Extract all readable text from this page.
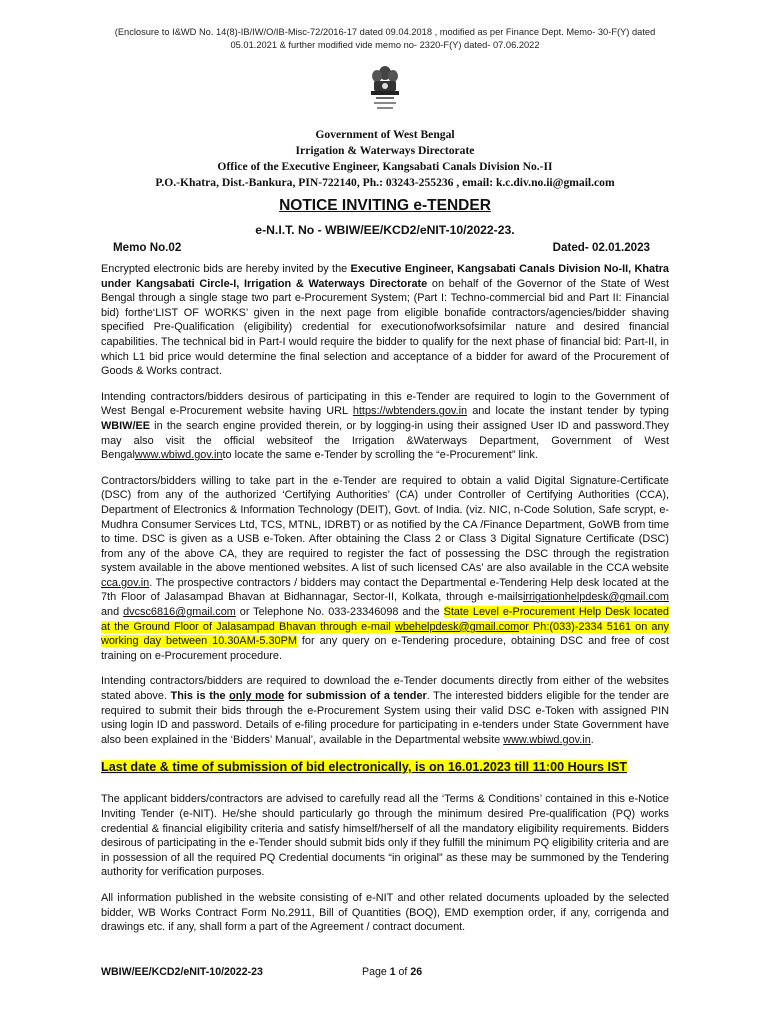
(Enclosure to I&WD No. 14(8)-IB/IW/O/IB-Misc-72/2016-17 dated 09.04.2018 , modified as per Finance Dept. Memo- 30-F(Y) dated 05.01.2021 & further modified vide memo no- 2320-F(Y) dated- 07.06.2022
Government of West Bengal
Irrigation & Waterways Directorate
Office of the Executive Engineer, Kangsabati Canals Division No.-II
P.O.-Khatra, Dist.-Bankura, PIN-722140, Ph.: 03243-255236 , email: k.c.div.no.ii@gmail.com
NOTICE INVITING e-TENDER
e-N.I.T. No - WBIW/EE/KCD2/eNIT-10/2022-23.
Memo No.02	Dated- 02.01.2023

Encrypted electronic bids are hereby invited by the Executive Engineer, Kangsabati Canals Division No-II, Khatra under Kangsabati Circle-I, Irrigation & Waterways Directorate on behalf of the Governor of the State of West Bengal through a single stage two part e-Procurement System; (Part I: Techno-commercial bid and Part II: Financial bid) forthe‘LIST OF WORKS’ given in the next page from eligible bonafide contractors/agencies/bidder shaving specified Pre-Qualification (eligibility) credential for executionofworksofsimilar nature and desired financial capabilities. The technical bid in Part-I would require the bidder to qualify for the next phase of financial bid: Part-II, in which L1 bid price would determine the final selection and acceptance of a bidder for award of the Procurement of Goods & Works contract.

Intending contractors/bidders desirous of participating in this e-Tender are required to login to the Government of West Bengal e-Procurement website having URL https://wbtenders.gov.in and locate the instant tender by typing WBIW/EE in the search engine provided therein, or by logging-in using their assigned User ID and password.They may also visit the official websiteof the Irrigation &Waterways Department, Government of West Bengalwww.wbiwd.gov.into locate the same e-Tender by scrolling the “e-Procurement” link.

Contractors/bidders willing to take part in the e-Tender are required to obtain a valid Digital Signature-Certificate (DSC) from any of the authorized ‘Certifying Authorities’ (CA) under Controller of Certifying Authorities (CCA), Department of Electronics & Information Technology (DEIT), Govt. of India. (viz. NIC, n-Code Solution, Safe scrypt, e-Mudhra Consumer Services Ltd, TCS, MTNL, IDRBT) or as notified by the CA /Finance Department, GoWB from time to time. DSC is given as a USB e-Token. After obtaining the Class 2 or Class 3 Digital Signature Certificate (DSC) from any of the above CA, they are required to register the fact of possessing the DSC through the registration system available in the above mentioned websites. A list of such licensed CAs’ are also available in the CCA website cca.gov.in. The prospective contractors / bidders may contact the Departmental e-Tendering Help desk located at the 7th Floor of Jalasampad Bhavan at Bidhannagar, Sector-II, Kolkata, through e-mailsirrigationhelpdesk@gmail.com and dvcsc6816@gmail.com or Telephone No. 033-23346098 and the State Level e-Procurement Help Desk located at the Ground Floor of Jalasampad Bhavan through e-mail wbehelpdesk@gmail.comor Ph:(033)-2334 5161 on any working day between 10.30AM-5.30PM for any query on e-Tendering procedure, obtaining DSC and free of cost training on e-Procurement procedure.

Intending contractors/bidders are required to download the e-Tender documents directly from either of the websites stated above. This is the only mode for submission of a tender. The interested bidders eligible for the tender are required to submit their bids through the e-Procurement System using their valid DSC e-Token with assigned PIN using login ID and password. Details of e-filing procedure for participating in e-tenders under State Government have also been explained in the ‘Bidders’ Manual’, available in the Departmental website www.wbiwd.gov.in.

Last date & time of submission of bid electronically, is on 16.01.2023 till 11:00 Hours IST

The applicant bidders/contractors are advised to carefully read all the ‘Terms & Conditions’ contained in this e-Notice Inviting Tender (e-NIT). He/she should particularly go through the minimum desired Pre-qualification (PQ) works credential & financial eligibility criteria and satisfy himself/herself of all the mandatory eligibility requirements. Bidders desirous of participating in the e-Tender should submit bids only if they fulfill the minimum PQ eligibility criteria and are in possession of all the required PQ Credential documents “in original” as these may be summoned by the Tendering authority for verification purposes.

All information published in the website consisting of e-NIT and other related documents uploaded by the selected bidder, WB Works Contract Form No.2911, Bill of Quantities (BOQ), EMD exemption order, if any, corrigenda and drawings etc. if any, shall form a part of the Agreement / contract document.

WBIW/EE/KCD2/eNIT-10/2022-23	Page 1 of 26
